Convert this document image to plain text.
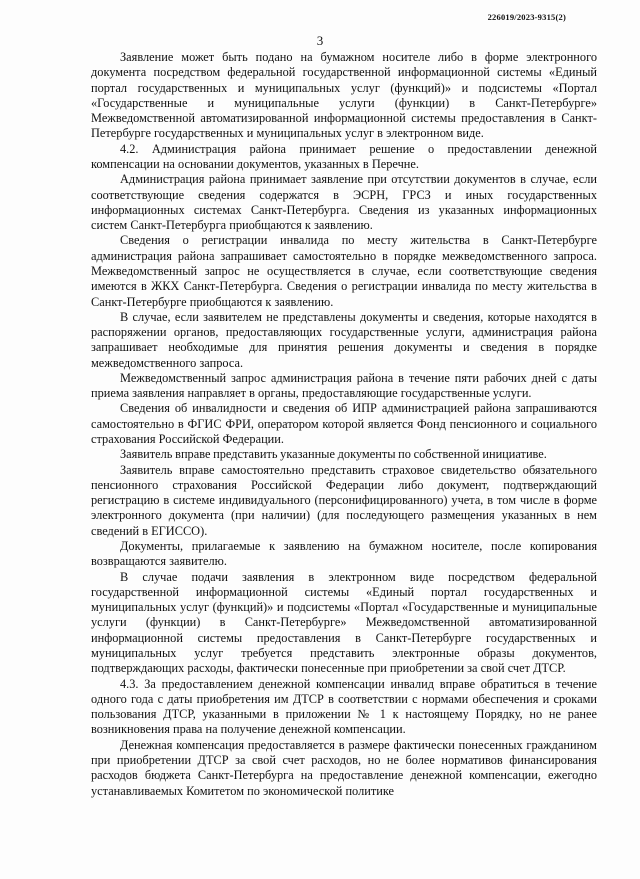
226019/2023-9315(2)
3

Заявление может быть подано на бумажном носителе либо в форме электронного документа посредством федеральной государственной информационной системы «Единый портал государственных и муниципальных услуг (функций)» и подсистемы «Портал «Государственные и муниципальные услуги (функции) в Санкт-Петербурге» Межведомственной автоматизированной информационной системы предоставления в Санкт-Петербурге государственных и муниципальных услуг в электронном виде.

4.2. Администрация района принимает решение о предоставлении денежной компенсации на основании документов, указанных в Перечне.

Администрация района принимает заявление при отсутствии документов в случае, если соответствующие сведения содержатся в ЭСРН, ГРСЗ и иных государственных информационных системах Санкт-Петербурга. Сведения из указанных информационных систем Санкт-Петербурга приобщаются к заявлению.

Сведения о регистрации инвалида по месту жительства в Санкт-Петербурге администрация района запрашивает самостоятельно в порядке межведомственного запроса. Межведомственный запрос не осуществляется в случае, если соответствующие сведения имеются в ЖКХ Санкт-Петербурга. Сведения о регистрации инвалида по месту жительства в Санкт-Петербурге приобщаются к заявлению.

В случае, если заявителем не представлены документы и сведения, которые находятся в распоряжении органов, предоставляющих государственные услуги, администрация района запрашивает необходимые для принятия решения документы и сведения в порядке межведомственного запроса.

Межведомственный запрос администрация района в течение пяти рабочих дней с даты приема заявления направляет в органы, предоставляющие государственные услуги.

Сведения об инвалидности и сведения об ИПР администрацией района запрашиваются самостоятельно в ФГИС ФРИ, оператором которой является Фонд пенсионного и социального страхования Российской Федерации.

Заявитель вправе представить указанные документы по собственной инициативе.

Заявитель вправе самостоятельно представить страховое свидетельство обязательного пенсионного страхования Российской Федерации либо документ, подтверждающий регистрацию в системе индивидуального (персонифицированного) учета, в том числе в форме электронного документа (при наличии) (для последующего размещения указанных в нем сведений в ЕГИССО).

Документы, прилагаемые к заявлению на бумажном носителе, после копирования возвращаются заявителю.

В случае подачи заявления в электронном виде посредством федеральной государственной информационной системы «Единый портал государственных и муниципальных услуг (функций)» и подсистемы «Портал «Государственные и муниципальные услуги (функции) в Санкт-Петербурге» Межведомственной автоматизированной информационной системы предоставления в Санкт-Петербурге государственных и муниципальных услуг требуется представить электронные образы документов, подтверждающих расходы, фактически понесенные при приобретении за свой счет ДТСР.

4.3. За предоставлением денежной компенсации инвалид вправе обратиться в течение одного года с даты приобретения им ДТСР в соответствии с нормами обеспечения и сроками пользования ДТСР, указанными в приложении № 1 к настоящему Порядку, но не ранее возникновения права на получение денежной компенсации.

Денежная компенсация предоставляется в размере фактически понесенных гражданином при приобретении ДТСР за свой счет расходов, но не более нормативов финансирования расходов бюджета Санкт-Петербурга на предоставление денежной компенсации, ежегодно устанавливаемых Комитетом по экономической политике
